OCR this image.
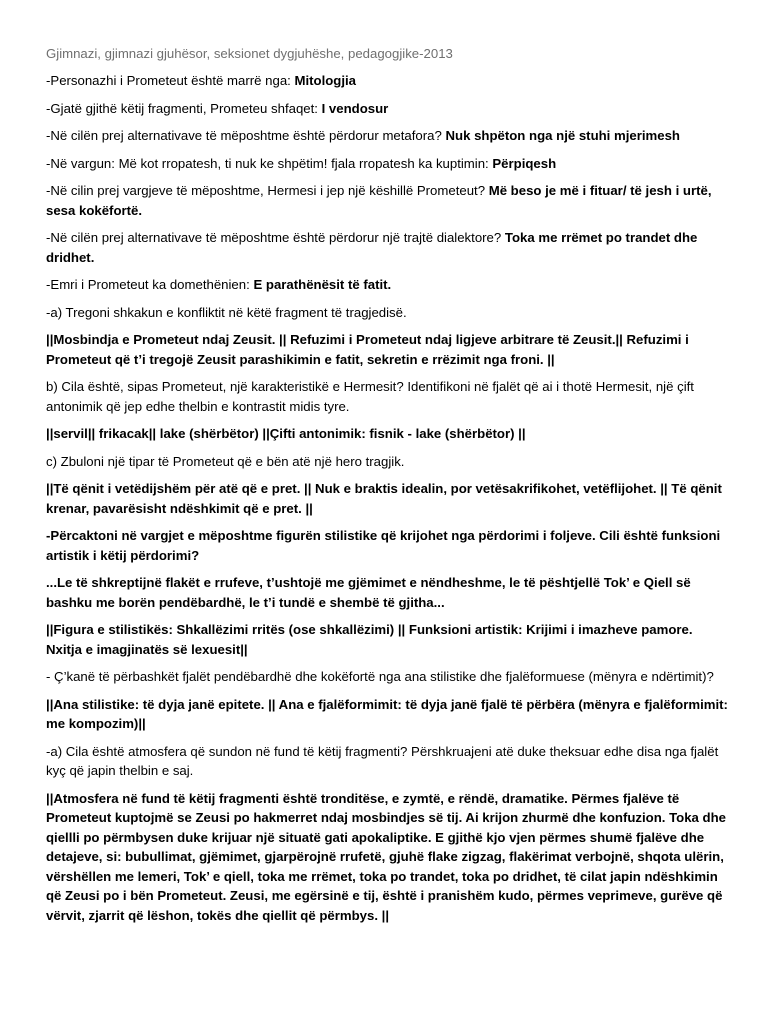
Gjimnazi, gjimnazi gjuhësor, seksionet dygjuhëshe, pedagogjike-2013
-Personazhi i Prometeut është marrë nga: Mitologjia
-Gjatë gjithë këtij fragmenti, Prometeu shfaqet: I vendosur
-Në cilën prej alternativave të mëposhtme është përdorur metafora? Nuk shpëton nga një stuhi mjerimesh
-Në vargun: Më kot rropatesh, ti nuk ke shpëtim! fjala rropatesh ka kuptimin: Përpiqesh
-Në cilin prej vargjeve të mëposhtme, Hermesi i jep një këshillë Prometeut? Më beso je më i fituar/ të jesh i urtë, sesa kokëfortë.
-Në cilën prej alternativave të mëposhtme është përdorur një trajtë dialektore? Toka me rrëmet po trandet dhe dridhet.
-Emri i Prometeut ka domethënien: E parathënësit të fatit.
-a) Tregoni shkakun e konfliktit në këtë fragment të tragjedisë.
||Mosbindja e Prometeut ndaj Zeusit. || Refuzimi i Prometeut ndaj ligjeve arbitrare të Zeusit.|| Refuzimi i Prometeut që t’i tregojë Zeusit parashikimin e fatit, sekretin e rrëzimit nga froni. ||
b) Cila është, sipas Prometeut, një karakteristikë e Hermesit? Identifikoni në fjalët që ai i thotë Hermesit, një çift antonimik që jep edhe thelbin e kontrastit midis tyre.
||servil|| frikacak|| lake (shërbëtor) ||Çifti antonimik: fisnik - lake (shërbëtor) ||
c) Zbuloni një tipar të Prometeut që e bën atë një hero tragjik.
||Të qënit i vetëdijshëm për atë që e pret. || Nuk e braktis idealin, por vetësakrifikohet, vetëflijohet. || Të qënit krenar, pavarësisht ndëshkimit që e pret. ||
-Përcaktoni në vargjet e mëposhtme figurën stilistike që krijohet nga përdorimi i foljeve. Cili është funksioni artistik i këtij përdorimi?
...Le të shkreptijnë flakët e rrufeve, t’ushtojë me gjëmimet e nëndheshme, le të pështjellë Tok’ e Qiell së bashku me borën pendëbardhë, le t’i tundë e shembë të gjitha...
||Figura e stilistikës: Shkallëzimi rritës (ose shkallëzimi) || Funksioni artistik: Krijimi i imazheve pamore. Nxitja e imagjinatës së lexuesit||
- Ç’kanë të përbashkët fjalët pendëbardhë dhe kokëfortë nga ana stilistike dhe fjalëformuese (mënyra e ndërtimit)?
||Ana stilistike: të dyja janë epitete. || Ana e fjalëformimit: të dyja janë fjalë të përbëra (mënyra e fjalëformimit: me kompozim)||
-a) Cila është atmosfera që sundon në fund të këtij fragmenti? Përshkruajeni atë duke theksuar edhe disa nga fjalët kyç që japin thelbin e saj.
||Atmosfera në fund të këtij fragmenti është tronditëse, e zymtë, e rëndë, dramatike. Përmes fjalëve të Prometeut kuptojmë se Zeusi po hakmerret ndaj mosbindjes së tij. Ai krijon zhurmë dhe konfuzion. Toka dhe qiellli po përmbysen duke krijuar një situatë gati apokaliptike. E gjithë kjo vjen përmes shumë fjalëve dhe detajeve, si: bubullimat, gjëmimet, gjarpërojnë rrufetë, gjuhë flake zigzag, flakërimat verbojnë, shqota ulërin, vërshëllen me lemeri, Tok’ e qiell, toka me rrëmet, toka po trandet, toka po dridhet, të cilat japin ndëshkimin që Zeusi po i bën Prometeut. Zeusi, me egërsinë e tij, është i pranishëm kudo, përmes veprimeve, gurëve që vërvit, zjarrit që lëshon, tokës dhe qiellit që përmbys. ||
